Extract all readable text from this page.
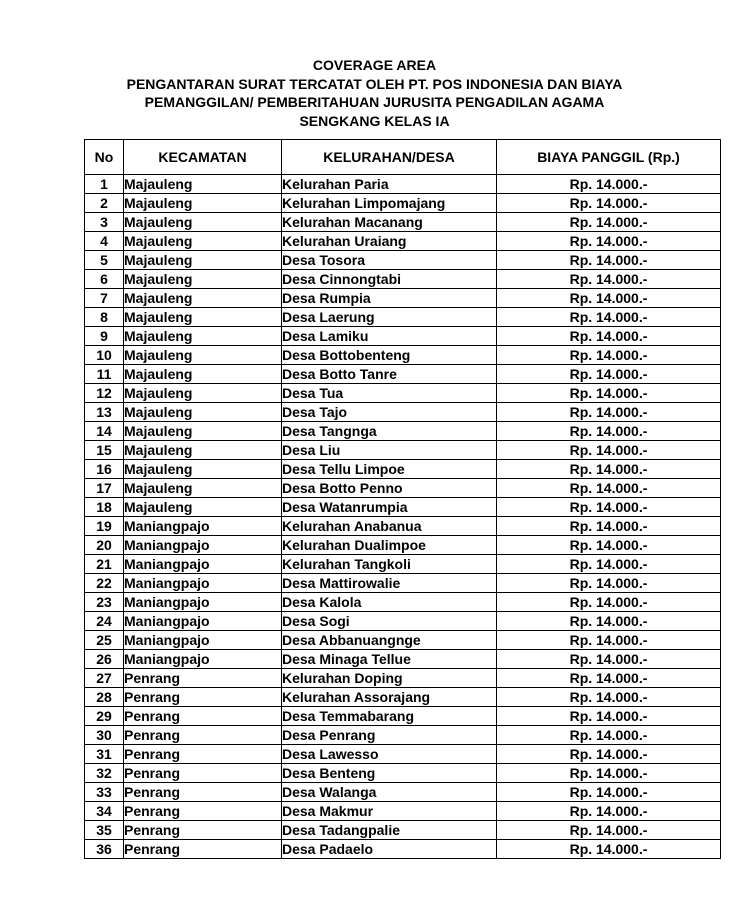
COVERAGE AREA
PENGANTARAN SURAT TERCATAT OLEH PT. POS INDONESIA DAN BIAYA
PEMANGGILAN/ PEMBERITAHUAN JURUSITA PENGADILAN AGAMA
SENGKANG KELAS IA
No	KECAMATAN	KELURAHAN/DESA	BIAYA PANGGIL (Rp.)
1	Majauleng	Kelurahan Paria	Rp. 14.000.-
2	Majauleng	Kelurahan Limpomajang	Rp. 14.000.-
3	Majauleng	Kelurahan Macanang	Rp. 14.000.-
4	Majauleng	Kelurahan Uraiang	Rp. 14.000.-
5	Majauleng	Desa Tosora	Rp. 14.000.-
6	Majauleng	Desa Cinnongtabi	Rp. 14.000.-
7	Majauleng	Desa Rumpia	Rp. 14.000.-
8	Majauleng	Desa Laerung	Rp. 14.000.-
9	Majauleng	Desa Lamiku	Rp. 14.000.-
10	Majauleng	Desa Bottobenteng	Rp. 14.000.-
11	Majauleng	Desa Botto Tanre	Rp. 14.000.-
12	Majauleng	Desa Tua	Rp. 14.000.-
13	Majauleng	Desa Tajo	Rp. 14.000.-
14	Majauleng	Desa Tangnga	Rp. 14.000.-
15	Majauleng	Desa Liu	Rp. 14.000.-
16	Majauleng	Desa Tellu Limpoe	Rp. 14.000.-
17	Majauleng	Desa Botto Penno	Rp. 14.000.-
18	Majauleng	Desa Watanrumpia	Rp. 14.000.-
19	Maniangpajo	Kelurahan Anabanua	Rp. 14.000.-
20	Maniangpajo	Kelurahan Dualimpoe	Rp. 14.000.-
21	Maniangpajo	Kelurahan Tangkoli	Rp. 14.000.-
22	Maniangpajo	Desa Mattirowalie	Rp. 14.000.-
23	Maniangpajo	Desa Kalola	Rp. 14.000.-
24	Maniangpajo	Desa Sogi	Rp. 14.000.-
25	Maniangpajo	Desa Abbanuangnge	Rp. 14.000.-
26	Maniangpajo	Desa Minaga Tellue	Rp. 14.000.-
27	Penrang	Kelurahan Doping	Rp. 14.000.-
28	Penrang	Kelurahan Assorajang	Rp. 14.000.-
29	Penrang	Desa Temmabarang	Rp. 14.000.-
30	Penrang	Desa Penrang	Rp. 14.000.-
31	Penrang	Desa Lawesso	Rp. 14.000.-
32	Penrang	Desa Benteng	Rp. 14.000.-
33	Penrang	Desa Walanga	Rp. 14.000.-
34	Penrang	Desa Makmur	Rp. 14.000.-
35	Penrang	Desa Tadangpalie	Rp. 14.000.-
36	Penrang	Desa Padaelo	Rp. 14.000.-
